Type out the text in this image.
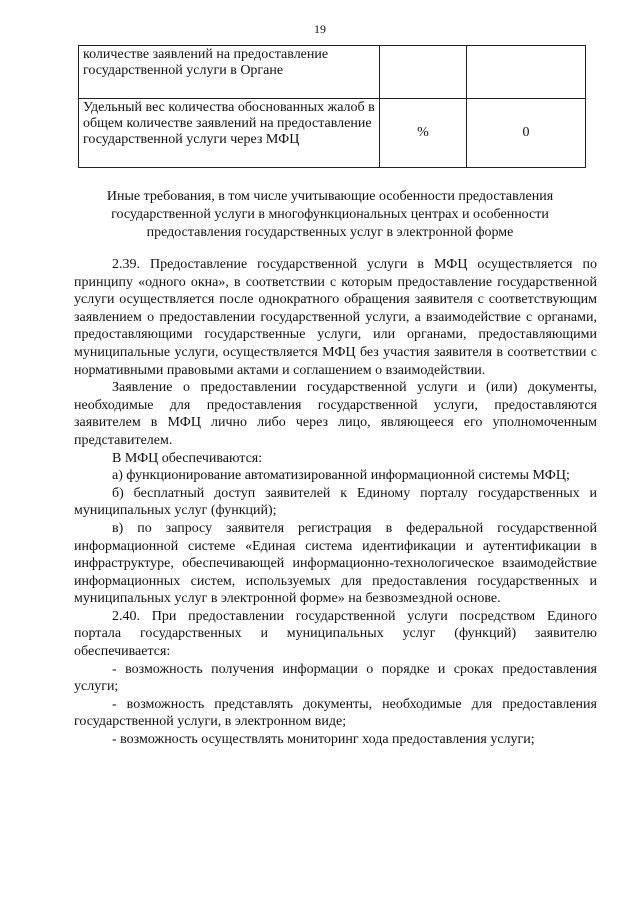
19
количестве заявлений на предоставление государственной услуги в Органе		
Удельный вес количества обоснованных жалоб в общем количестве заявлений на предоставление государственной услуги через МФЦ	%	0
Иные требования, в том числе учитывающие особенности предоставления государственной услуги в многофункциональных центрах и особенности предоставления государственных услуг в электронной форме

2.39. Предоставление государственной услуги в МФЦ осуществляется по принципу «одного окна», в соответствии с которым предоставление государственной услуги осуществляется после однократного обращения заявителя с соответствующим заявлением о предоставлении государственной услуги, а взаимодействие с органами, предоставляющими государственные услуги, или органами, предоставляющими муниципальные услуги, осуществляется МФЦ без участия заявителя в соответствии с нормативными правовыми актами и соглашением о взаимодействии.

Заявление о предоставлении государственной услуги и (или) документы, необходимые для предоставления государственной услуги, предоставляются заявителем в МФЦ лично либо через лицо, являющееся его уполномоченным представителем.

В МФЦ обеспечиваются:

а) функционирование автоматизированной информационной системы МФЦ;

б) бесплатный доступ заявителей к Единому порталу государственных и муниципальных услуг (функций);

в) по запросу заявителя регистрация в федеральной государственной информационной системе «Единая система идентификации и аутентификации в инфраструктуре, обеспечивающей информационно-технологическое взаимодействие информационных систем, используемых для предоставления государственных и муниципальных услуг в электронной форме» на безвозмездной основе.

2.40. При предоставлении государственной услуги посредством Единого портала государственных и муниципальных услуг (функций) заявителю обеспечивается:

- возможность получения информации о порядке и сроках предоставления услуги;

- возможность представлять документы, необходимые для предоставления государственной услуги, в электронном виде;

- возможность осуществлять мониторинг хода предоставления услуги;
